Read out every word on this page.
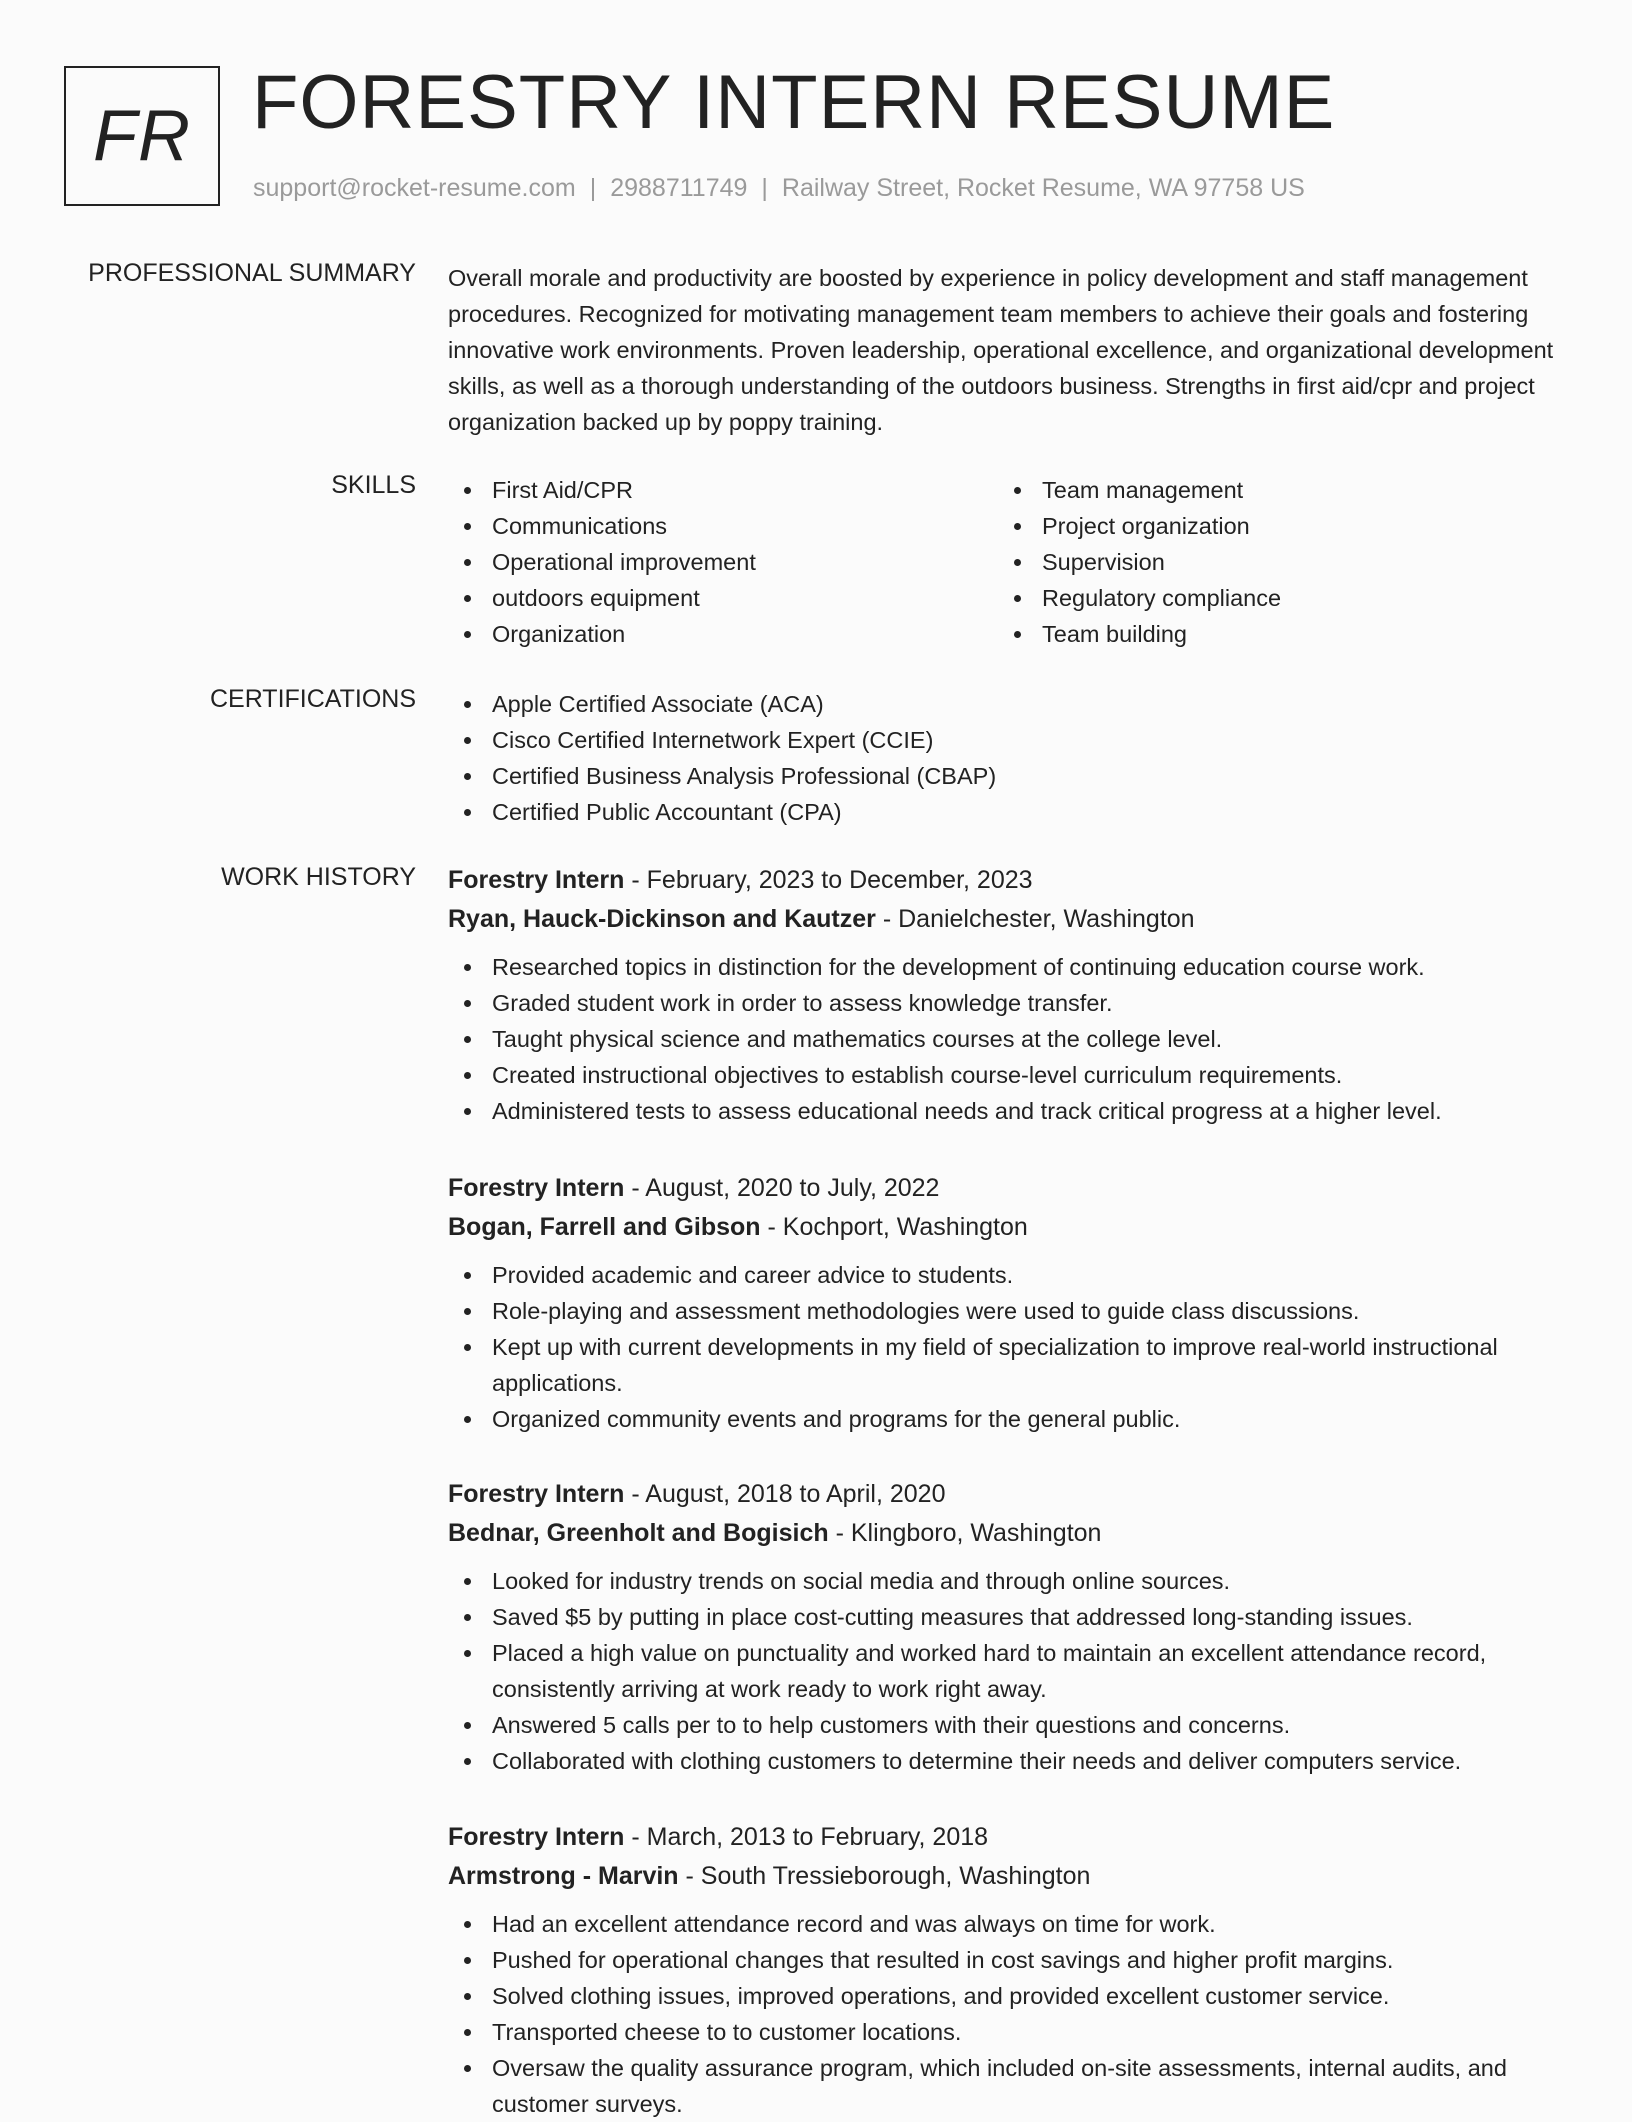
FR FORESTRY INTERN RESUME
support@rocket-resume.com | 2988711749 | Railway Street, Rocket Resume, WA 97758 US
PROFESSIONAL SUMMARY Overall morale and productivity are boosted by experience in policy development and staff management procedures. Recognized for motivating management team members to achieve their goals and fostering innovative work environments. Proven leadership, operational excellence, and organizational development skills, as well as a thorough understanding of the outdoors business. Strengths in first aid/cpr and project organization backed up by poppy training.

SKILLS	First Aid/CPR
Communications
Operational improvement
outdoors equipment
Organization
Team management
Project organization
Supervision
Regulatory compliance
Team building
CERTIFICATIONS	Apple Certified Associate (ACA)
Cisco Certified Internetwork Expert (CCIE)
Certified Business Analysis Professional (CBAP)
Certified Public Accountant (CPA)
WORK HISTORY Forestry Intern - February, 2023 to December, 2023
Ryan, Hauck-Dickinson and Kautzer - Danielchester, Washington
Researched topics in distinction for the development of continuing education course work.
Graded student work in order to assess knowledge transfer.
Taught physical science and mathematics courses at the college level.
Created instructional objectives to establish course-level curriculum requirements.
Administered tests to assess educational needs and track critical progress at a higher level.
Forestry Intern - August, 2020 to July, 2022
Bogan, Farrell and Gibson - Kochport, Washington
Provided academic and career advice to students.
Role-playing and assessment methodologies were used to guide class discussions.
Kept up with current developments in my field of specialization to improve real-world instructional applications.
Organized community events and programs for the general public.
Forestry Intern - August, 2018 to April, 2020
Bednar, Greenholt and Bogisich - Klingboro, Washington
Looked for industry trends on social media and through online sources.
Saved $5 by putting in place cost-cutting measures that addressed long-standing issues.
Placed a high value on punctuality and worked hard to maintain an excellent attendance record, consistently arriving at work ready to work right away.
Answered 5 calls per to to help customers with their questions and concerns.
Collaborated with clothing customers to determine their needs and deliver computers service.
Forestry Intern - March, 2013 to February, 2018
Armstrong - Marvin - South Tressieborough, Washington
Had an excellent attendance record and was always on time for work.
Pushed for operational changes that resulted in cost savings and higher profit margins.
Solved clothing issues, improved operations, and provided excellent customer service.
Transported cheese to to customer locations.
Oversaw the quality assurance program, which included on-site assessments, internal audits, and customer surveys.
